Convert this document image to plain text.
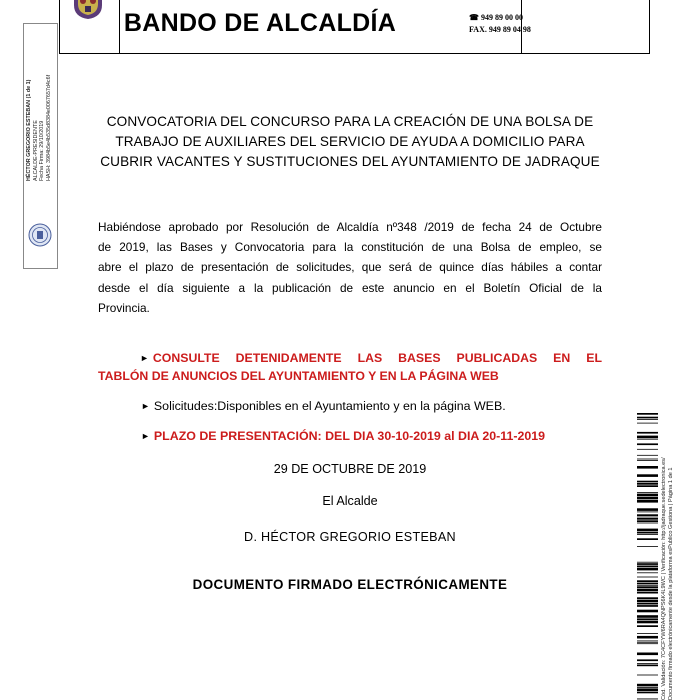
BANDO DE ALCALDÍA	☎ 949 89 00 00
FAX. 949 89 04 98
HÉCTOR GREGORIO ESTEBAN (1 de 1) ALCALDE-PRESIDENTE Fecha Firma: 29/10/2019 HASH: 3984b5e4b535d8384e0067657d4c6f	CONVOCATORIA DEL CONCURSO PARA LA CREACIÓN DE UNA BOLSA DE
TRABAJO DE AUXILIARES DEL SERVICIO DE AYUDA A DOMICILIO PARA
CUBRIR VACANTES Y SUSTITUCIONES DEL AYUNTAMIENTO DE JADRAQUE
Habiéndose aprobado por Resolución de Alcaldía nº348 /2019 de fecha 24 de Octubre
de 2019, las Bases y Convocatoria para la constitución de una Bolsa de empleo, se
abre el plazo de presentación de solicitudes, que será de quince días hábiles a contar
desde el día siguiente a la publicación de este anuncio en el Boletín Oficial de la
Provincia.
► CONSULTE DETENIDAMENTE LAS BASES PUBLICADAS EN EL
TABLÓN DE ANUNCIOS DEL AYUNTAMIENTO Y EN LA PÁGINA WEB
► Solicitudes:Disponibles en el Ayuntamiento y en la página WEB.
► PLAZO DE PRESENTACIÓN: DEL DIA 30-10-2019 al DIA 20-11-2019
29 DE OCTUBRE DE 2019
El Alcalde
D. HÉCTOR GREGORIO ESTEBAN
DOCUMENTO FIRMADO ELECTRÓNICAMENTE	Cód. Validación: 7C4CFYW6RA4QNPS6K4L9WC | Verificación: http://jadraque.sedelectronica.es/ Documento firmado electrónicamente desde la plataforma esPublico Gestiona | Página 1 de 1
